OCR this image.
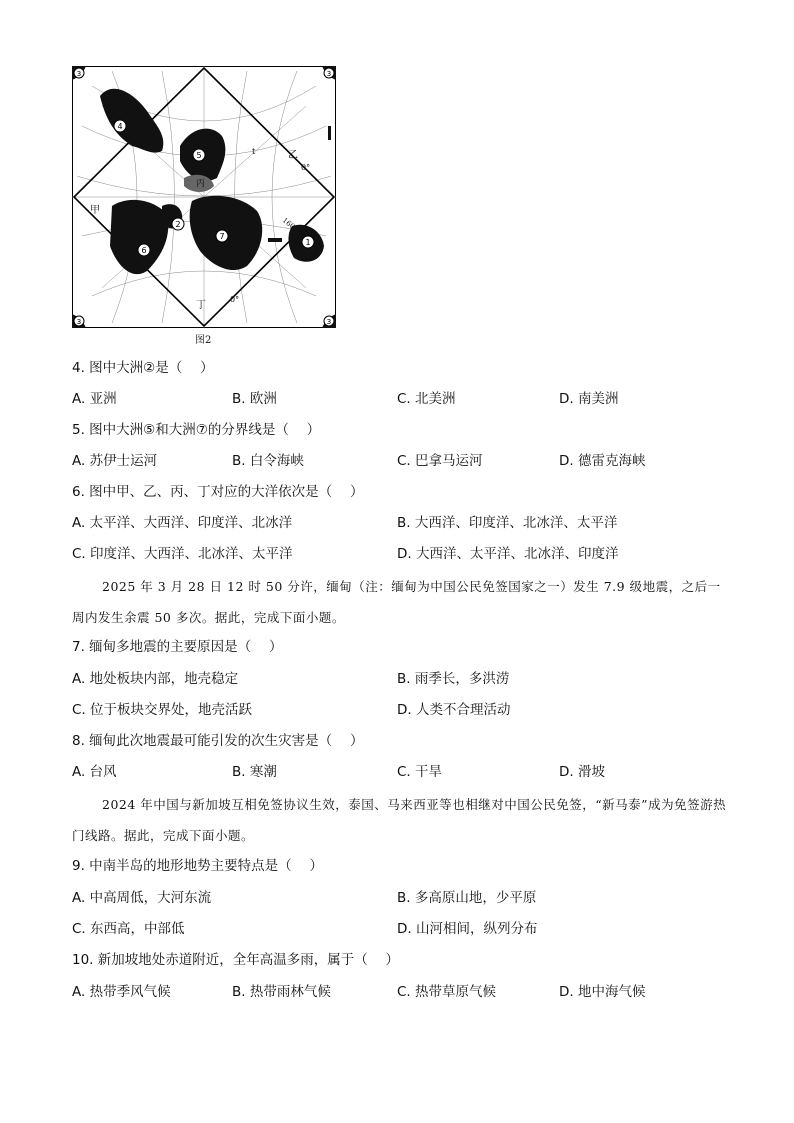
4
5
2
6
7
1
3	3
3	3
甲
乙
丙
丁
0°
160°E
0°
t
图2
4. 图中大洲②是（　 ）
A. 亚洲	B. 欧洲	C. 北美洲	D. 南美洲
5. 图中大洲⑤和大洲⑦的分界线是（　 ）
A. 苏伊士运河	B. 白令海峡	C. 巴拿马运河	D. 德雷克海峡
6. 图中甲、乙、丙、丁对应的大洋依次是（　 ）
A. 太平洋、大西洋、印度洋、北冰洋	B. 大西洋、印度洋、北冰洋、太平洋
C. 印度洋、大西洋、北冰洋、太平洋	D. 大西洋、太平洋、北冰洋、印度洋
2025 年 3 月 28 日 12 时 50 分许，缅甸（注：缅甸为中国公民免签国家之一）发生 7.9 级地震，之后一周内发生余震 50 多次。据此，完成下面小题。
7. 缅甸多地震的主要原因是（　 ）
A. 地处板块内部，地壳稳定	B. 雨季长，多洪涝
C. 位于板块交界处，地壳活跃	D. 人类不合理活动
8. 缅甸此次地震最可能引发的次生灾害是（　 ）
A. 台风	B. 寒潮	C. 干旱	D. 滑坡
2024 年中国与新加坡互相免签协议生效，泰国、马来西亚等也相继对中国公民免签，“新马泰”成为免签游热门线路。据此，完成下面小题。
9. 中南半岛的地形地势主要特点是（　 ）
A. 中高周低，大河东流	B. 多高原山地，少平原
C. 东西高，中部低	D. 山河相间，纵列分布
10. 新加坡地处赤道附近，全年高温多雨，属于（　 ）
A. 热带季风气候	B. 热带雨林气候	C. 热带草原气候	D. 地中海气候
